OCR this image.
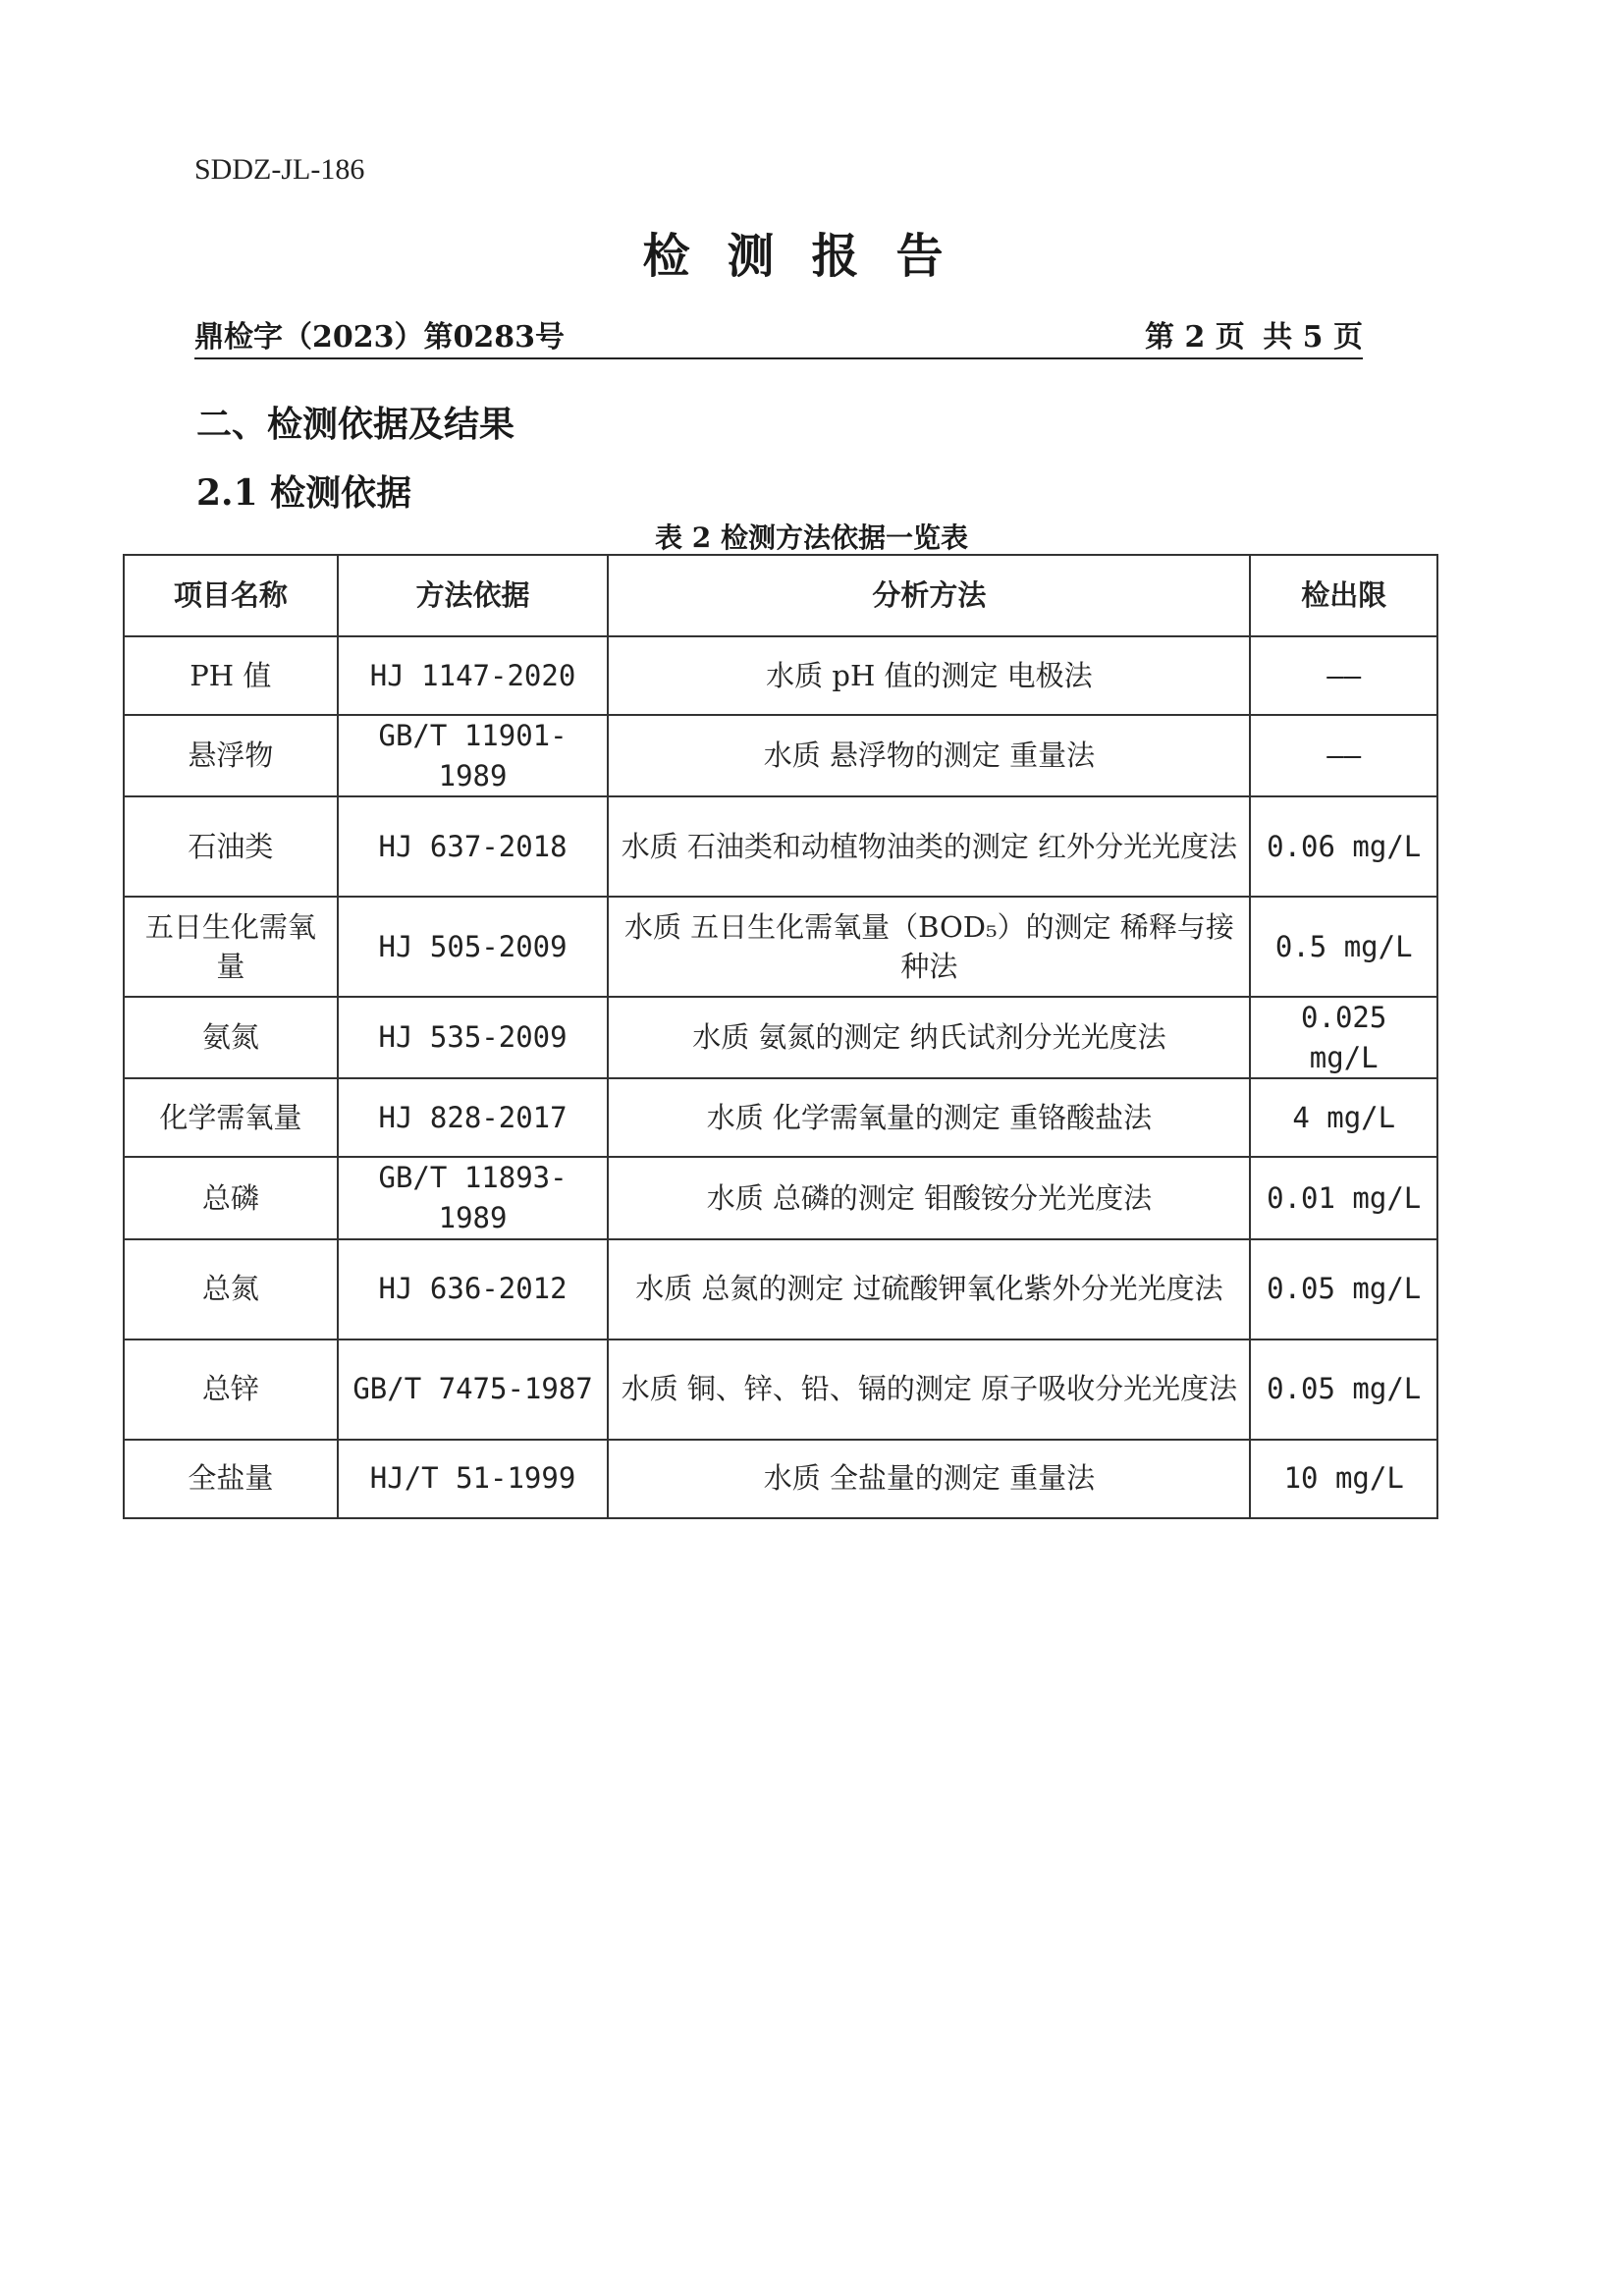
SDDZ-JL-186
检测报告
鼎检字（2023）第0283号	第 2 页 共 5 页
二、检测依据及结果
2.1 检测依据
表 2 检测方法依据一览表
项目名称	方法依据	分析方法	检出限
PH 值	HJ 1147-2020	水质 pH 值的测定 电极法	——
悬浮物	GB/T 11901-1989	水质 悬浮物的测定 重量法	——
石油类	HJ 637-2018	水质 石油类和动植物油类的测定 红外分光光度法	0.06 mg/L
五日生化需氧量	HJ 505-2009	水质 五日生化需氧量（BOD₅）的测定 稀释与接种法	0.5 mg/L
氨氮	HJ 535-2009	水质 氨氮的测定 纳氏试剂分光光度法	0.025 mg/L
化学需氧量	HJ 828-2017	水质 化学需氧量的测定 重铬酸盐法	4 mg/L
总磷	GB/T 11893-1989	水质 总磷的测定 钼酸铵分光光度法	0.01 mg/L
总氮	HJ 636-2012	水质 总氮的测定 过硫酸钾氧化紫外分光光度法	0.05 mg/L
总锌	GB/T 7475-1987	水质 铜、锌、铅、镉的测定 原子吸收分光光度法	0.05 mg/L
全盐量	HJ/T 51-1999	水质 全盐量的测定 重量法	10 mg/L
